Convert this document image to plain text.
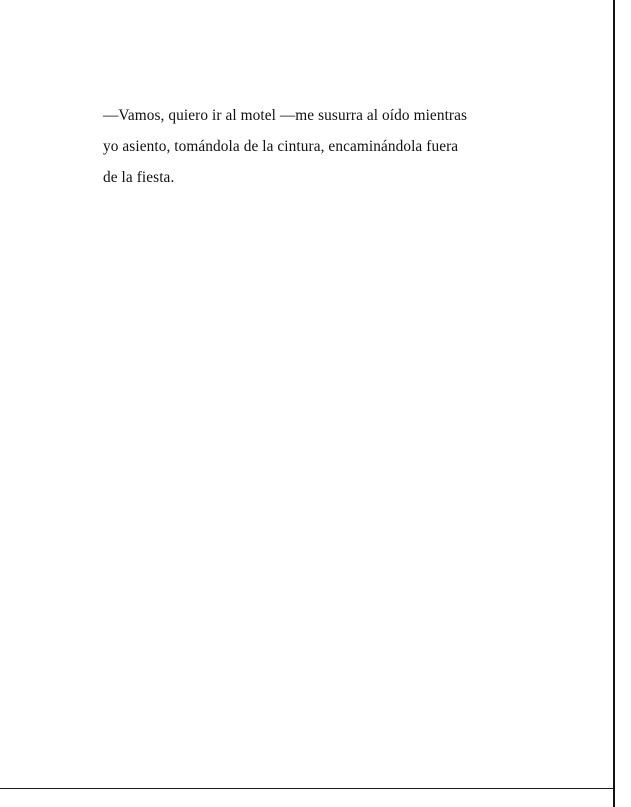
—Vamos, quiero ir al motel —me susurra al oído mientras yo asiento, tomándola de la cintura, encaminándola fuera de la fiesta.
